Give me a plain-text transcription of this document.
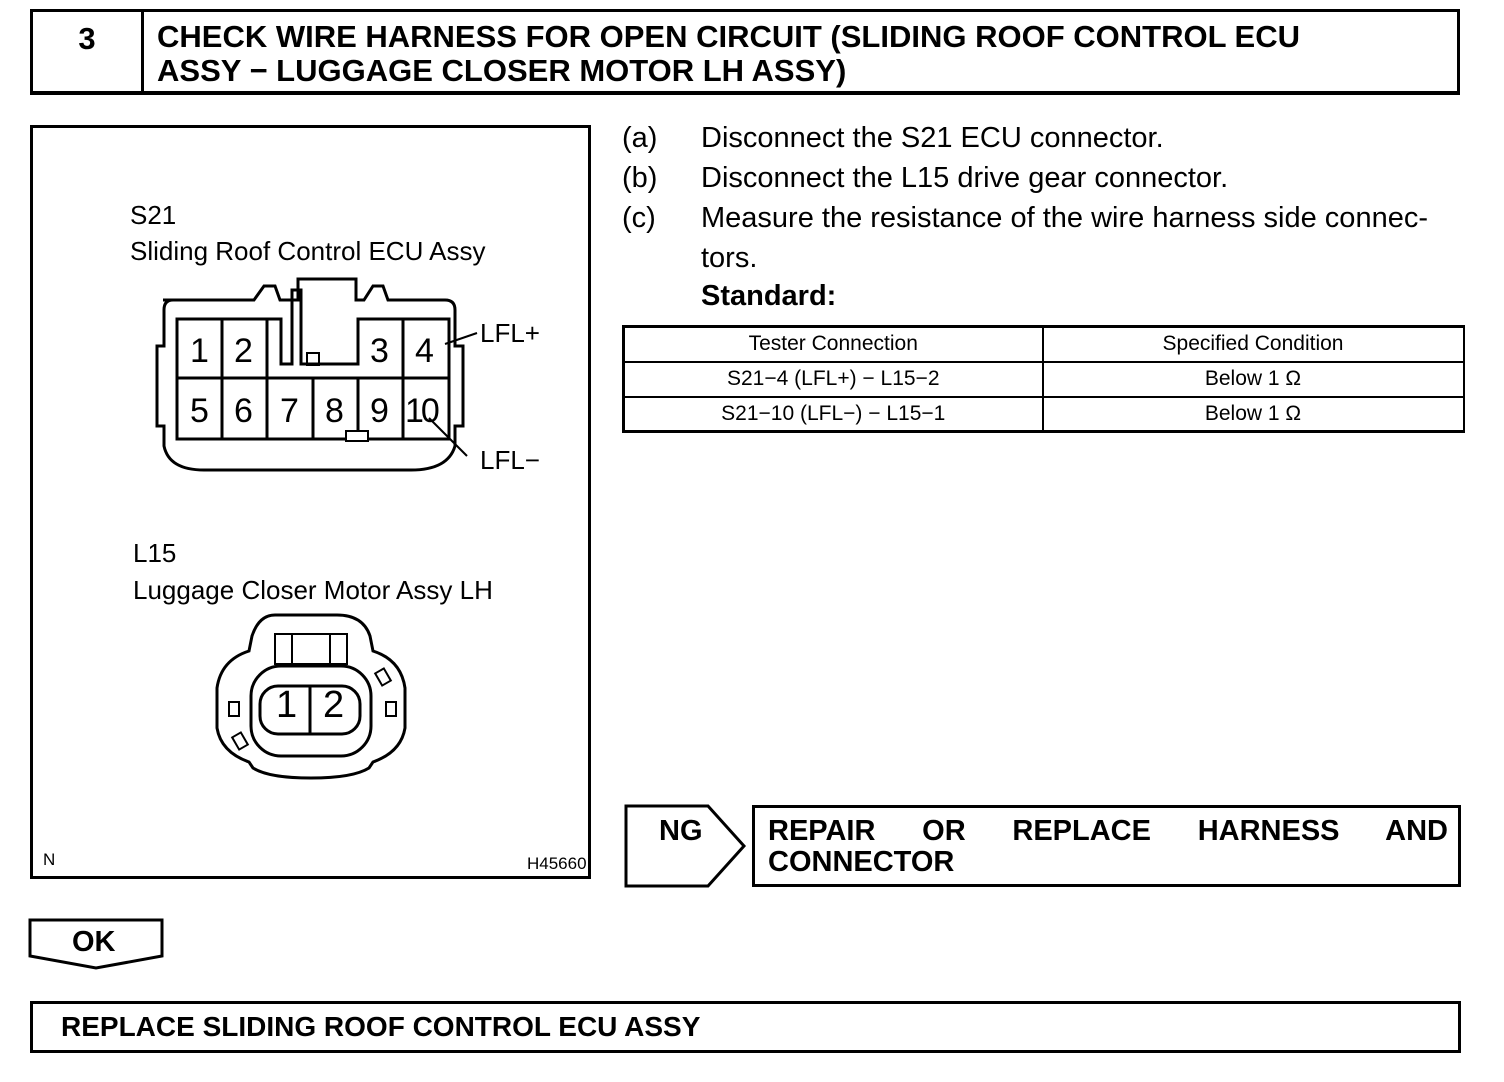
3	CHECK WIRE HARNESS FOR OPEN CIRCUIT (SLIDING ROOF CONTROL ECU
ASSY − LUGGAGE CLOSER MOTOR LH ASSY)
S21
Sliding Roof Control ECU Assy
1 2	3 4
5 6 7 8 9 10
LFL+
LFL−
L15
Luggage Closer Motor Assy LH
1 2
N	H45660
(a) Disconnect the S21 ECU connector.
(b) Disconnect the L15 drive gear connector.
(c) Measure the resistance of the wire harness side connec-
tors.
Standard:
Tester Connection	Specified Condition
S21−4 (LFL+) − L15−2	Below 1 Ω
S21−10 (LFL−) − L15−1	Below 1 Ω
NG REPAIR OR REPLACE HARNESS AND
CONNECTOR
OK
REPLACE SLIDING ROOF CONTROL ECU ASSY
